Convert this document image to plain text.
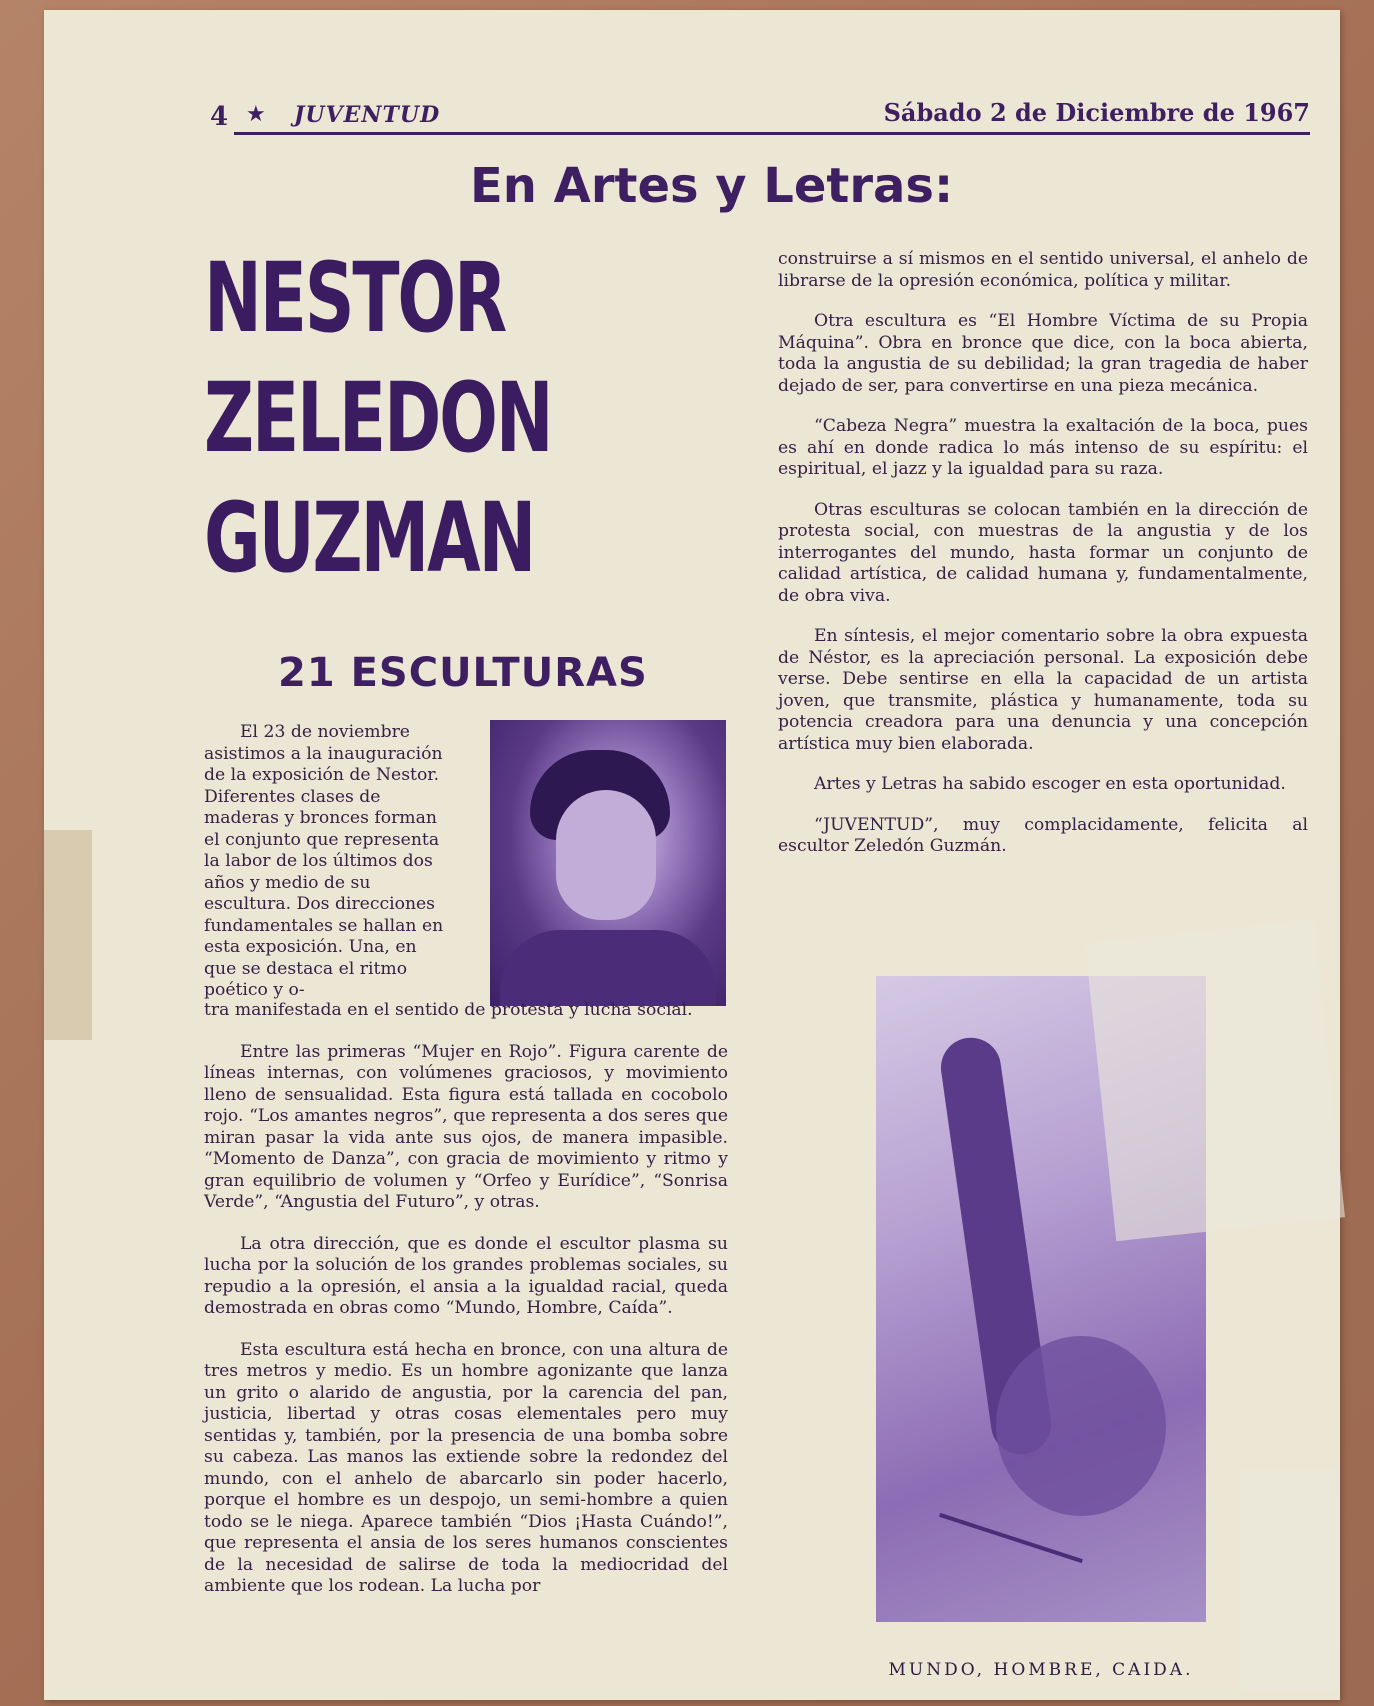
4 ★ JUVENTUD	Sábado 2 de Diciembre de 1967
En Artes y Letras:
NESTOR
ZELEDON
GUZMAN
21 ESCULTURAS

El 23 de noviembre asistimos a la inauguración de la exposición de Nestor. Diferentes clases de maderas y bronces forman el conjunto que representa la labor de los últimos dos años y medio de su escultura. Dos direcciones fundamentales se hallan en esta exposición. Una, en que se destaca el ritmo poético y o-

tra manifestada en el sentido de protesta y lucha social.

Entre las primeras “Mujer en Rojo”. Figura carente de líneas internas, con volúmenes graciosos, y movimiento lleno de sensualidad. Esta figura está tallada en cocobolo rojo. “Los amantes negros”, que representa a dos seres que miran pasar la vida ante sus ojos, de manera impasible. “Momento de Danza”, con gracia de movimiento y ritmo y gran equilibrio de volumen y “Orfeo y Eurídice”, “Sonrisa Verde”, “Angustia del Futuro”, y otras.

La otra dirección, que es donde el escultor plasma su lucha por la solución de los grandes problemas sociales, su repudio a la opresión, el ansia a la igualdad racial, queda demostrada en obras como “Mundo, Hombre, Caída”.

Esta escultura está hecha en bronce, con una altura de tres metros y medio. Es un hombre agonizante que lanza un grito o alarido de angustia, por la carencia del pan, justicia, libertad y otras cosas elementales pero muy sentidas y, también, por la presencia de una bomba sobre su cabeza. Las manos las extiende sobre la redondez del mundo, con el anhelo de abarcarlo sin poder hacerlo, porque el hombre es un despojo, un semi-hombre a quien todo se le niega. Aparece también “Dios ¡Hasta Cuándo!”, que representa el ansia de los seres humanos conscientes de la necesidad de salirse de toda la mediocridad del ambiente que los rodean. La lucha por

construirse a sí mismos en el sentido universal, el anhelo de librarse de la opresión económica, política y militar.

Otra escultura es “El Hombre Víctima de su Propia Máquina”. Obra en bronce que dice, con la boca abierta, toda la angustia de su debilidad; la gran tragedia de haber dejado de ser, para convertirse en una pieza mecánica.

“Cabeza Negra” muestra la exaltación de la boca, pues es ahí en donde radica lo más intenso de su espíritu: el espiritual, el jazz y la igualdad para su raza.

Otras esculturas se colocan también en la dirección de protesta social, con muestras de la angustia y de los interrogantes del mundo, hasta formar un conjunto de calidad artística, de calidad humana y, fundamentalmente, de obra viva.

En síntesis, el mejor comentario sobre la obra expuesta de Néstor, es la apreciación personal. La exposición debe verse. Debe sentirse en ella la capacidad de un artista joven, que transmite, plástica y humanamente, toda su potencia creadora para una denuncia y una concepción artística muy bien elaborada.

Artes y Letras ha sabido escoger en esta oportunidad.

“JUVENTUD”, muy complacidamente, felicita al escultor Zeledón Guzmán.

MUNDO, HOMBRE, CAIDA.
